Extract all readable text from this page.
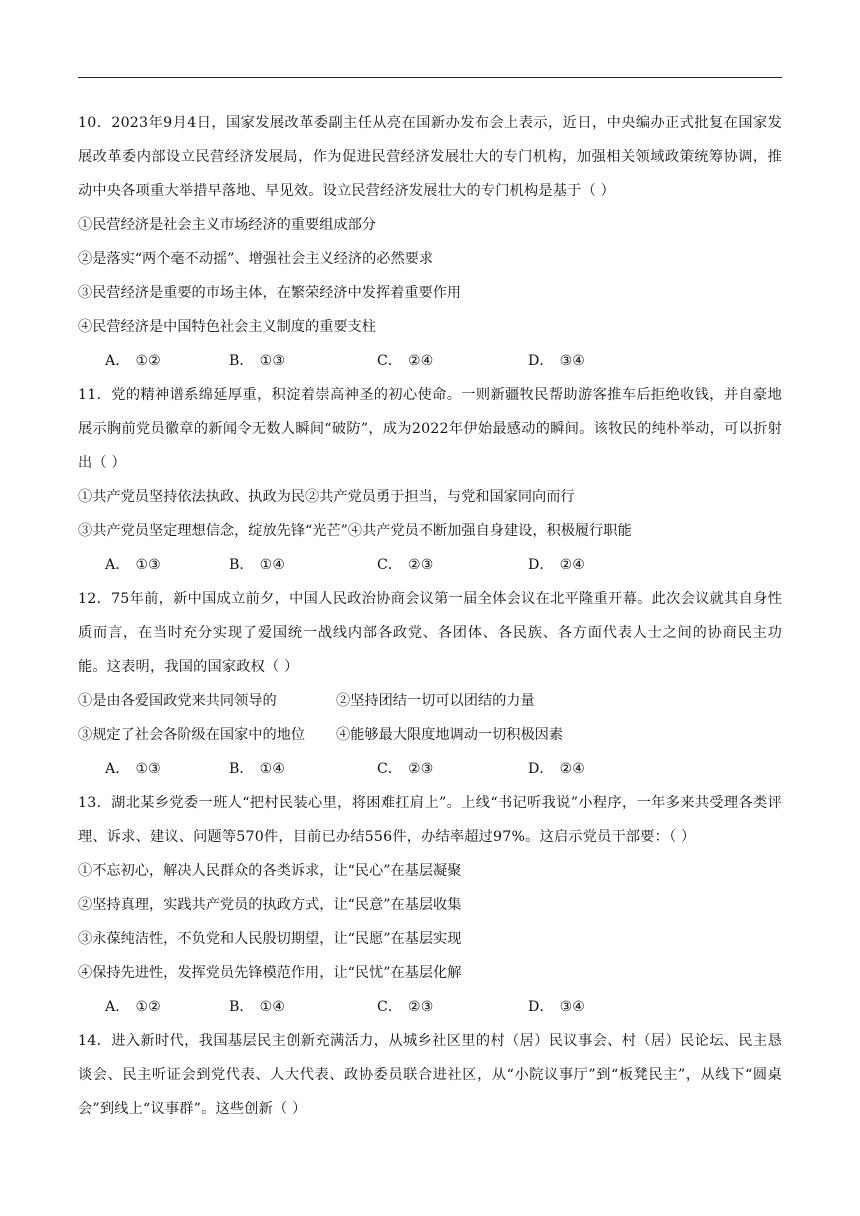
10．2023年9月4日，国家发展改革委副主任从亮在国新办发布会上表示，近日，中央编办正式批复在国家发展改革委内部设立民营经济发展局，作为促进民营经济发展壮大的专门机构，加强相关领域政策统筹协调，推动中央各项重大举措早落地、早见效。设立民营经济发展壮大的专门机构是基于（ ）

①民营经济是社会主义市场经济的重要组成部分

②是落实“两个毫不动摇”、增强社会主义经济的必然要求

③民营经济是重要的市场主体，在繁荣经济中发挥着重要作用

④民营经济是中国特色社会主义制度的重要支柱

A． ①②	B． ①③	C． ②④	D． ③④

11．党的精神谱系绵延厚重，积淀着崇高神圣的初心使命。一则新疆牧民帮助游客推车后拒绝收钱，并自豪地展示胸前党员徽章的新闻令无数人瞬间“破防”，成为2022年伊始最感动的瞬间。该牧民的纯朴举动，可以折射出（ ）

①共产党员坚持依法执政、执政为民②共产党员勇于担当，与党和国家同向而行

③共产党员坚定理想信念，绽放先锋“光芒”④共产党员不断加强自身建设，积极履行职能

A． ①③	B． ①④	C． ②③	D． ②④

12．75年前，新中国成立前夕，中国人民政治协商会议第一届全体会议在北平隆重开幕。此次会议就其自身性质而言，在当时充分实现了爱国统一战线内部各政党、各团体、各民族、各方面代表人士之间的协商民主功能。这表明，我国的国家政权（ ）

①是由各爱国政党来共同领导的	②坚持团结一切可以团结的力量

③规定了社会各阶级在国家中的地位 ④能够最大限度地调动一切积极因素

A． ①③	B． ①④	C． ②③	D． ②④

13．湖北某乡党委一班人“把村民装心里，将困难扛肩上”。上线“书记听我说”小程序，一年多来共受理各类评理、诉求、建议、问题等570件，目前已办结556件，办结率超过97%。这启示党员干部要：（ ）

①不忘初心，解决人民群众的各类诉求，让“民心”在基层凝聚

②坚持真理，实践共产党员的执政方式，让“民意”在基层收集

③永葆纯洁性，不负党和人民殷切期望，让“民愿”在基层实现

④保持先进性，发挥党员先锋模范作用，让“民忧”在基层化解

A． ①②	B． ①④	C． ②③	D． ③④

14．进入新时代，我国基层民主创新充满活力，从城乡社区里的村（居）民议事会、村（居）民论坛、民主恳谈会、民主听证会到党代表、人大代表、政协委员联合进社区，从“小院议事厅”到“板凳民主”，从线下“圆桌会”到线上“议事群”。这些创新（ ）
